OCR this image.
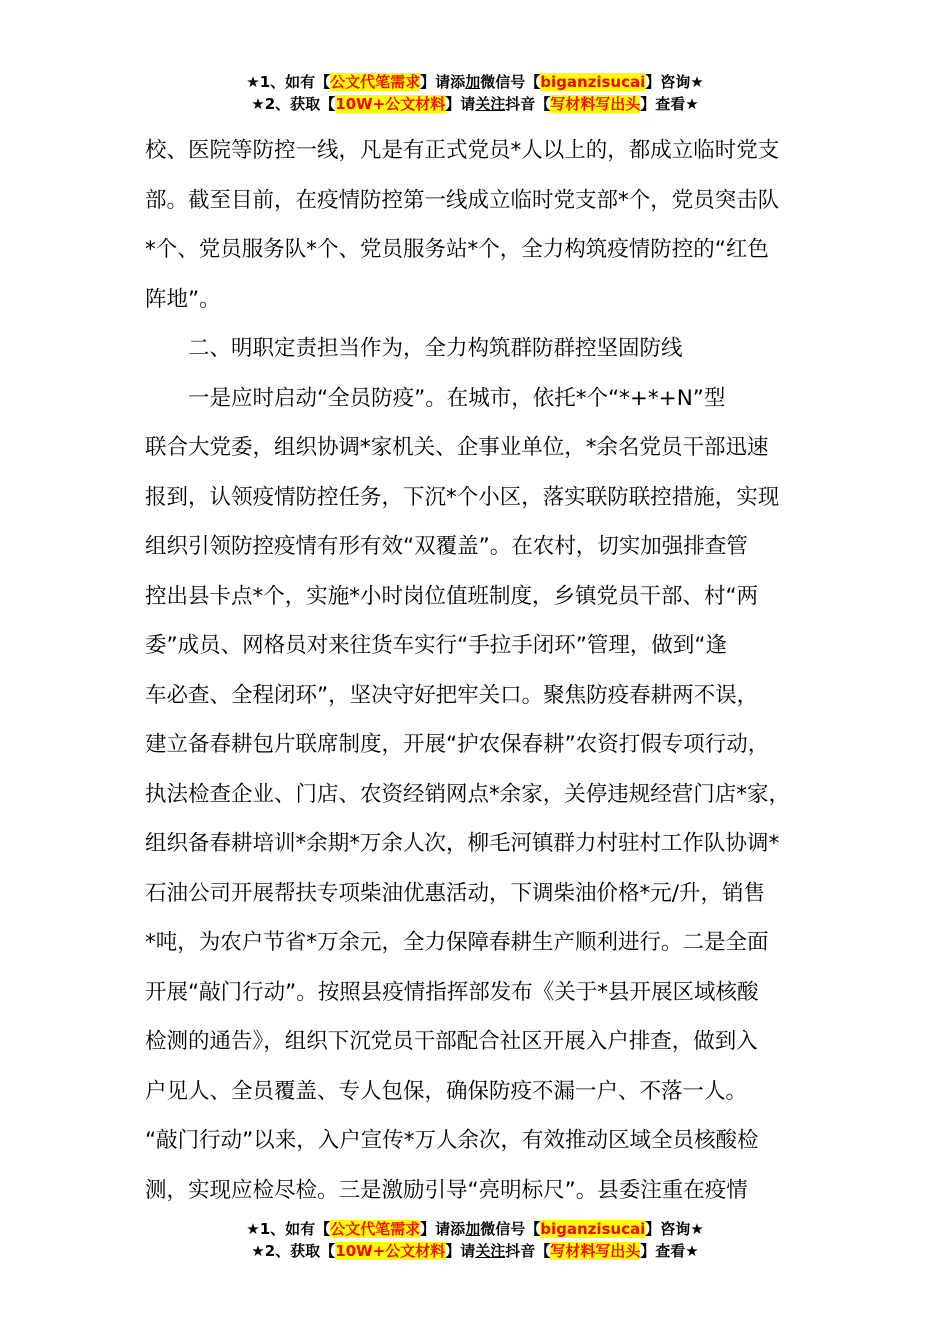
★1、如有【公文代笔需求】请添加微信号【biganzisucai】咨询★
★2、获取【10W+公文材料】请关注抖音【写材料写出头】查看★
校、医院等防控一线，凡是有正式党员*人以上的，都成立临时党支
部。截至目前，在疫情防控第一线成立临时党支部*个，党员突击队
*个、党员服务队*个、党员服务站*个，全力构筑疫情防控的“红色
阵地”。
二、明职定责担当作为，全力构筑群防群控坚固防线
一是应时启动“全员防疫”。在城市，依托*个“*+*+N”型
联合大党委，组织协调*家机关、企事业单位，*余名党员干部迅速
报到，认领疫情防控任务，下沉*个小区，落实联防联控措施，实现
组织引领防控疫情有形有效“双覆盖”。在农村，切实加强排查管
控出县卡点*个，实施*小时岗位值班制度，乡镇党员干部、村“两
委”成员、网格员对来往货车实行“手拉手闭环”管理，做到“逢
车必查、全程闭环”，坚决守好把牢关口。聚焦防疫春耕两不误，
建立备春耕包片联席制度，开展“护农保春耕”农资打假专项行动，
执法检查企业、门店、农资经销网点*余家，关停违规经营门店*家，
组织备春耕培训*余期*万余人次，柳毛河镇群力村驻村工作队协调*
石油公司开展帮扶专项柴油优惠活动，下调柴油价格*元/升，销售
*吨，为农户节省*万余元，全力保障春耕生产顺利进行。二是全面
开展“敲门行动”。按照县疫情指挥部发布《关于*县开展区域核酸
检测的通告》，组织下沉党员干部配合社区开展入户排查，做到入
户见人、全员覆盖、专人包保，确保防疫不漏一户、不落一人。
“敲门行动”以来，入户宣传*万人余次，有效推动区域全员核酸检
测，实现应检尽检。三是激励引导“亮明标尺”。县委注重在疫情
★1、如有【公文代笔需求】请添加微信号【biganzisucai】咨询★
★2、获取【10W+公文材料】请关注抖音【写材料写出头】查看★
